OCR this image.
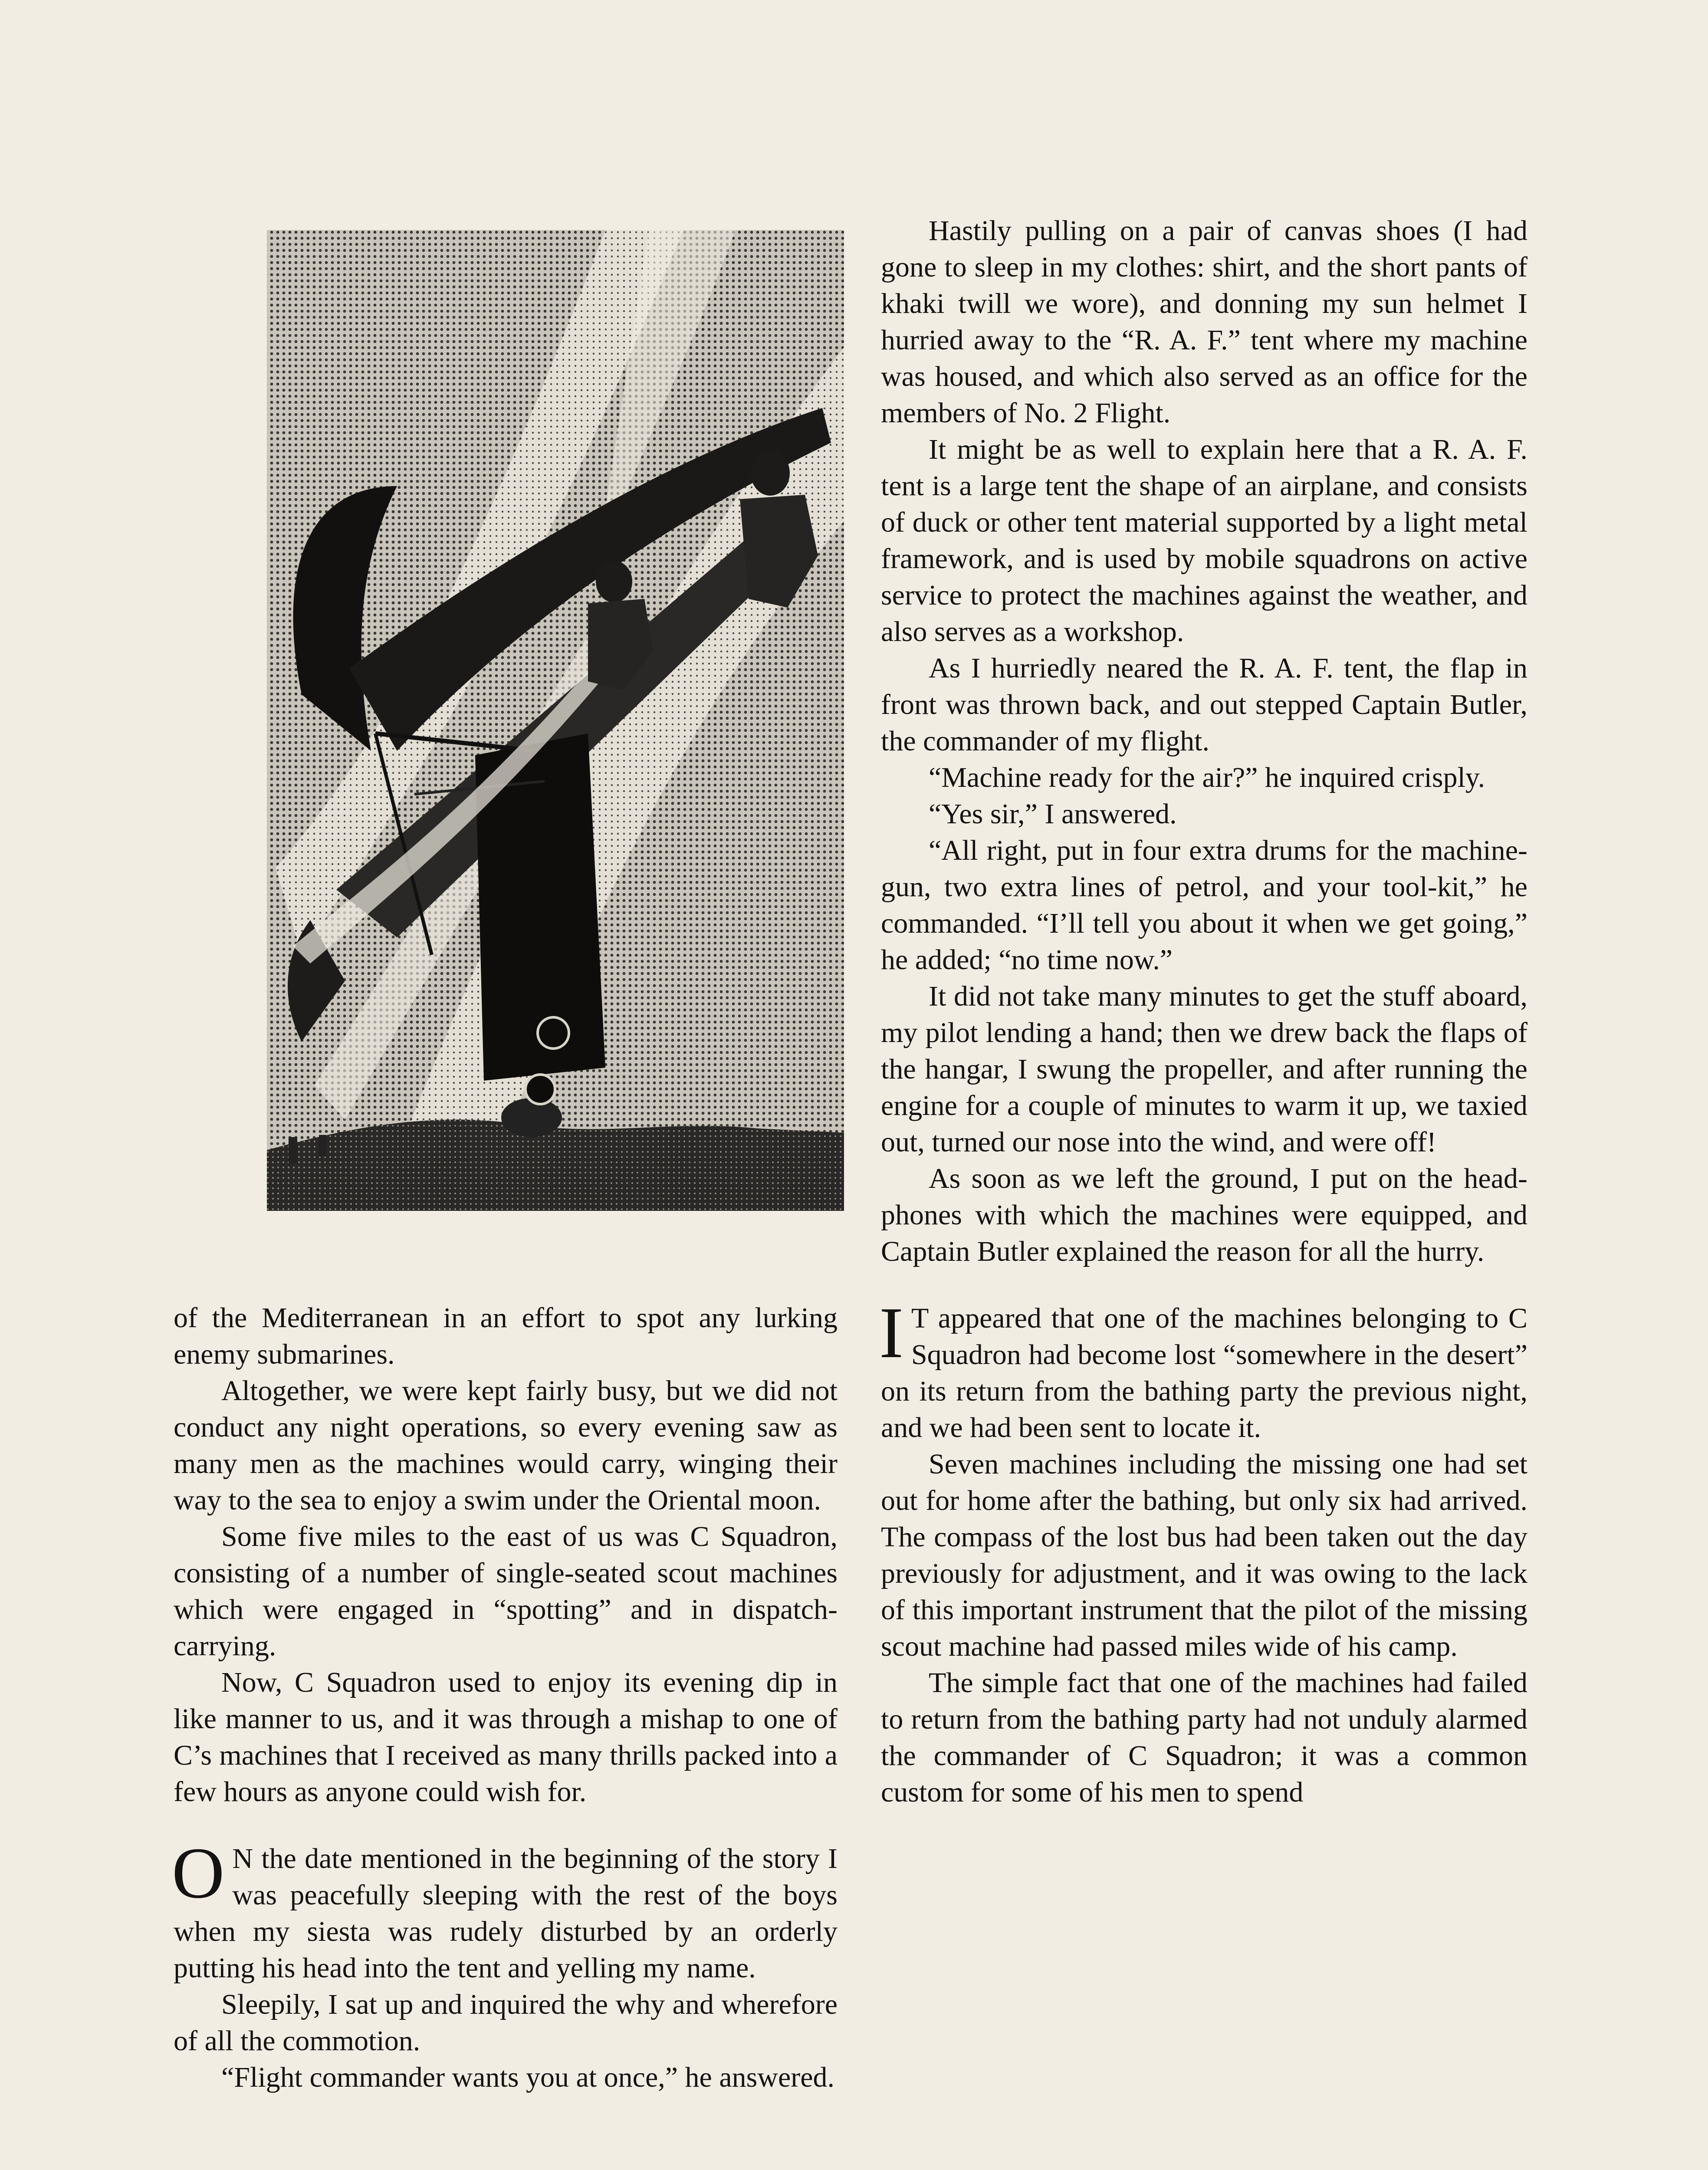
of the Mediterranean in an effort to spot any lurking enemy submarines.

Altogether, we were kept fairly busy, but we did not conduct any night operations, so every evening saw as many men as the machines would carry, winging their way to the sea to enjoy a swim under the Oriental moon.

Some five miles to the east of us was C Squadron, consisting of a number of single-seated scout machines which were engaged in “spotting” and in dispatch-carrying.

Now, C Squadron used to enjoy its evening dip in like manner to us, and it was through a mishap to one of C’s machines that I received as many thrills packed into a few hours as anyone could wish for.

O N the date mentioned in the beginning of the story I was peacefully sleeping with the rest of the boys when my siesta was rudely disturbed by an orderly putting his head into the tent and yelling my name.

Sleepily, I sat up and inquired the why and wherefore of all the commotion.

“Flight commander wants you at once,” he answered.

Hastily pulling on a pair of canvas shoes (I had gone to sleep in my clothes: shirt, and the short pants of khaki twill we wore), and donning my sun helmet I hurried away to the “R. A. F.” tent where my machine was housed, and which also served as an office for the members of No. 2 Flight.

It might be as well to explain here that a R. A. F. tent is a large tent the shape of an airplane, and consists of duck or other tent material supported by a light metal framework, and is used by mobile squadrons on active service to protect the machines against the weather, and also serves as a workshop.

As I hurriedly neared the R. A. F. tent, the flap in front was thrown back, and out stepped Captain Butler, the commander of my flight.

“Machine ready for the air?” he inquired crisply.

“Yes sir,” I answered.

“All right, put in four extra drums for the machine-gun, two extra lines of petrol, and your tool-kit,” he commanded. “I’ll tell you about it when we get going,” he added; “no time now.”

It did not take many minutes to get the stuff aboard, my pilot lending a hand; then we drew back the flaps of the hangar, I swung the propeller, and after running the engine for a couple of minutes to warm it up, we taxied out, turned our nose into the wind, and were off!

As soon as we left the ground, I put on the head-phones with which the machines were equipped, and Captain Butler explained the reason for all the hurry.

I T appeared that one of the machines belonging to C Squadron had become lost “somewhere in the desert” on its return from the bathing party the previous night, and we had been sent to locate it.

Seven machines including the missing one had set out for home after the bathing, but only six had arrived. The compass of the lost bus had been taken out the day previously for adjustment, and it was owing to the lack of this important instrument that the pilot of the missing scout machine had passed miles wide of his camp.

The simple fact that one of the machines had failed to return from the bathing party had not unduly alarmed the commander of C Squadron; it was a common custom for some of his men to spend
